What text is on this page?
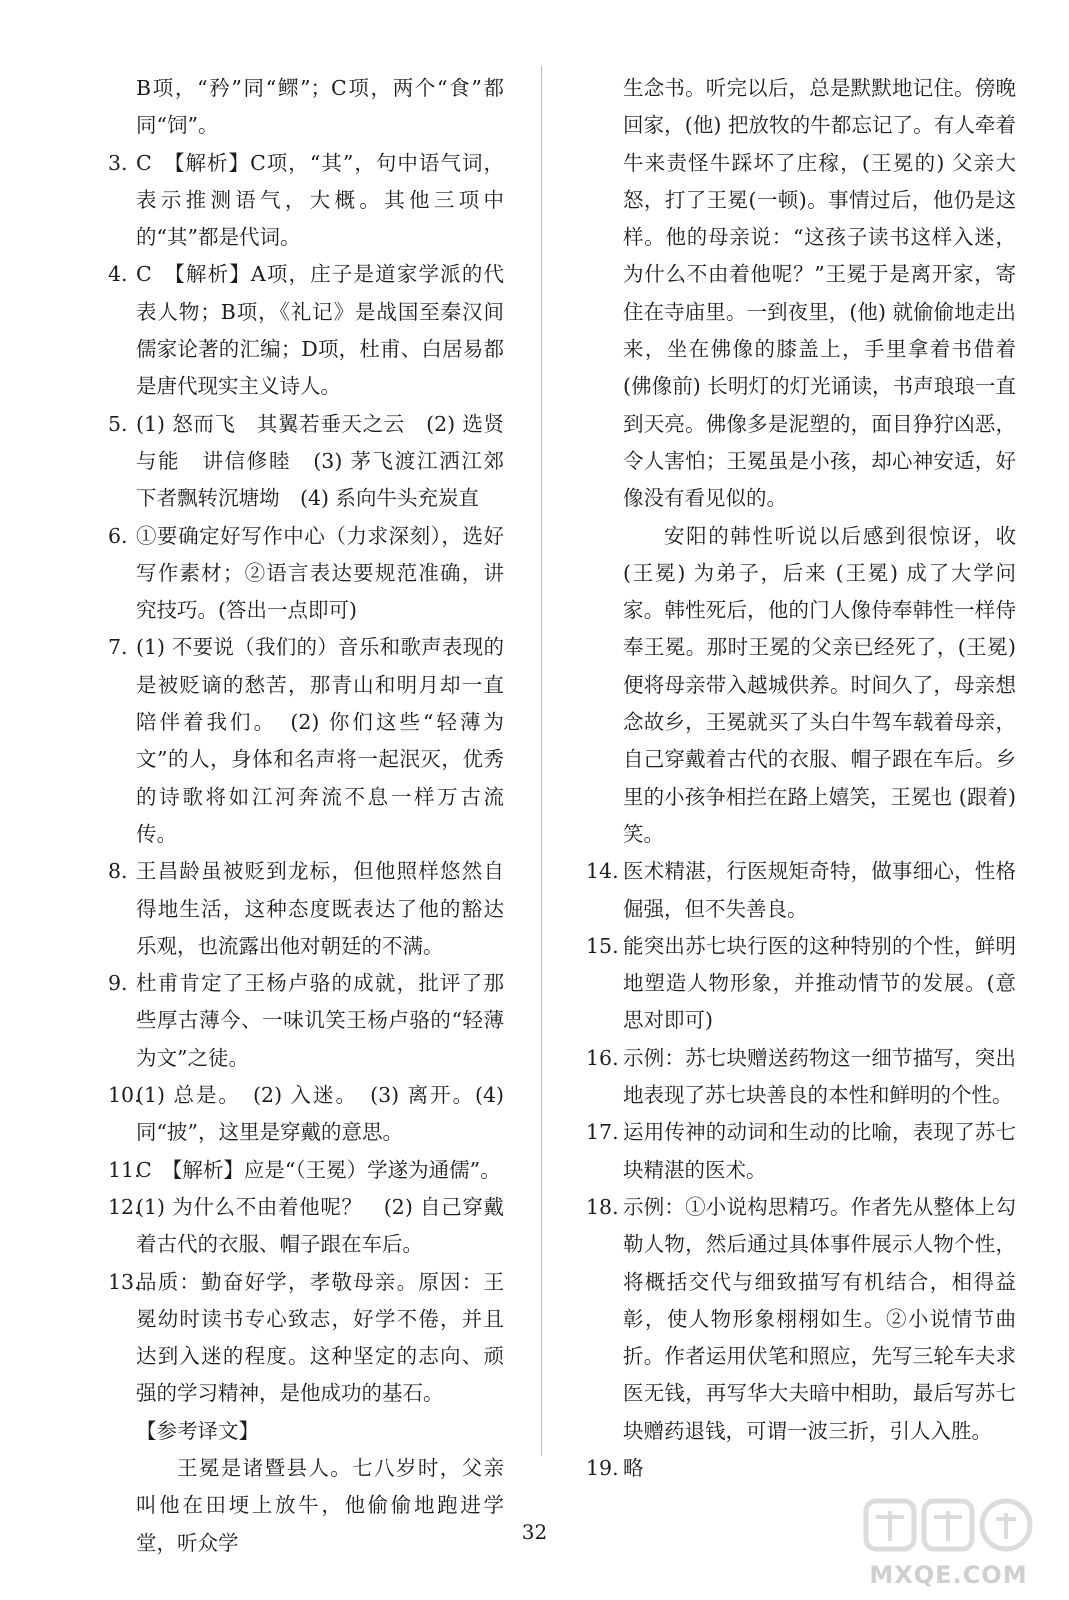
B项，“矜”同“鳏”；C项，两个“食”都同“饲”。
3. C　【解析】C项，“其”，句中语气词，表示推测语气，大概。其他三项中的“其”都是代词。
4. C　【解析】A项，庄子是道家学派的代表人物；B项，《礼记》是战国至秦汉间儒家论著的汇编；D项，杜甫、白居易都是唐代现实主义诗人。
5. (1) 怒而飞　其翼若垂天之云　(2) 选贤与能　讲信修睦　(3) 茅飞渡江洒江郊　下者飘转沉塘坳　(4) 系向牛头充炭直
6. ①要确定好写作中心（力求深刻），选好写作素材；②语言表达要规范准确，讲究技巧。(答出一点即可)
7. (1) 不要说（我们的）音乐和歌声表现的是被贬谪的愁苦，那青山和明月却一直陪伴着我们。　(2) 你们这些“轻薄为文”的人，身体和名声将一起泯灭，优秀的诗歌将如江河奔流不息一样万古流传。
8. 王昌龄虽被贬到龙标，但他照样悠然自得地生活，这种态度既表达了他的豁达乐观，也流露出他对朝廷的不满。
9. 杜甫肯定了王杨卢骆的成就，批评了那些厚古薄今、一味讥笑王杨卢骆的“轻薄为文”之徒。
10.
(1) 总是。　(2) 入迷。　(3) 离开。(4) 同“披”，这里是穿戴的意思。
11.
C　【解析】应是“（王冕）学遂为通儒”。
12.
(1) 为什么不由着他呢？　(2) 自己穿戴着古代的衣服、帽子跟在车后。
13.
品质：勤奋好学，孝敬母亲。原因：王冕幼时读书专心致志，好学不倦，并且达到入迷的程度。这种坚定的志向、顽强的学习精神，是他成功的基石。
【参考译文】
王冕是诸暨县人。七八岁时，父亲叫他在田埂上放牛，他偷偷地跑进学堂，听众学
生念书。听完以后，总是默默地记住。傍晚回家，(他) 把放牧的牛都忘记了。有人牵着牛来责怪牛踩坏了庄稼，(王冕的) 父亲大怒，打了王冕(一顿)。事情过后，他仍是这样。他的母亲说：“这孩子读书这样入迷，为什么不由着他呢？”王冕于是离开家，寄住在寺庙里。一到夜里，(他) 就偷偷地走出来，坐在佛像的膝盖上，手里拿着书借着(佛像前) 长明灯的灯光诵读，书声琅琅一直到天亮。佛像多是泥塑的，面目狰狞凶恶，令人害怕；王冕虽是小孩，却心神安适，好像没有看见似的。
安阳的韩性听说以后感到很惊讶，收(王冕) 为弟子，后来 (王冕) 成了大学问家。韩性死后，他的门人像侍奉韩性一样侍奉王冕。那时王冕的父亲已经死了，(王冕) 便将母亲带入越城供养。时间久了，母亲想念故乡，王冕就买了头白牛驾车载着母亲，自己穿戴着古代的衣服、帽子跟在车后。乡里的小孩争相拦在路上嬉笑，王冕也 (跟着) 笑。
14. 医术精湛，行医规矩奇特，做事细心，性格倔强，但不失善良。
15. 能突出苏七块行医的这种特别的个性，鲜明地塑造人物形象，并推动情节的发展。(意思对即可)
16. 示例：苏七块赠送药物这一细节描写，突出地表现了苏七块善良的本性和鲜明的个性。
17. 运用传神的动词和生动的比喻，表现了苏七块精湛的医术。
18. 示例：①小说构思精巧。作者先从整体上勾勒人物，然后通过具体事件展示人物个性，将概括交代与细致描写有机结合，相得益彰，使人物形象栩栩如生。②小说情节曲折。作者运用伏笔和照应，先写三轮车夫求医无钱，再写华大夫暗中相助，最后写苏七块赠药退钱，可谓一波三折，引人入胜。
19. 略
32
MXQE.COM
